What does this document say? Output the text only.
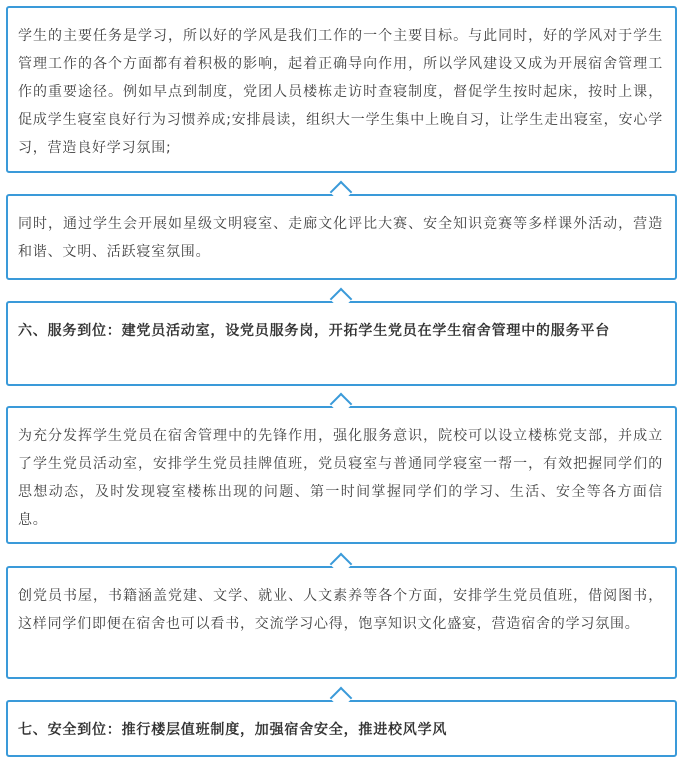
学生的主要任务是学习，所以好的学风是我们工作的一个主要目标。与此同时，好的学风对于学生管理工作的各个方面都有着积极的影响，起着正确导向作用，所以学风建设又成为开展宿舍管理工作的重要途径。例如早点到制度，党团人员楼栋走访时查寝制度，督促学生按时起床，按时上课，促成学生寝室良好行为习惯养成;安排晨读，组织大一学生集中上晚自习，让学生走出寝室，安心学习，营造良好学习氛围;

同时，通过学生会开展如星级文明寝室、走廊文化评比大赛、安全知识竞赛等多样课外活动，营造和谐、文明、活跃寝室氛围。

六、服务到位：建党员活动室，设党员服务岗，开拓学生党员在学生宿舍管理中的服务平台

为充分发挥学生党员在宿舍管理中的先锋作用，强化服务意识，院校可以设立楼栋党支部，并成立了学生党员活动室，安排学生党员挂牌值班，党员寝室与普通同学寝室一帮一，有效把握同学们的思想动态，及时发现寝室楼栋出现的问题、第一时间掌握同学们的学习、生活、安全等各方面信息。

创党员书屋，书籍涵盖党建、文学、就业、人文素养等各个方面，安排学生党员值班，借阅图书，这样同学们即便在宿舍也可以看书，交流学习心得，饱享知识文化盛宴，营造宿舍的学习氛围。

七、安全到位：推行楼层值班制度，加强宿舍安全，推进校风学风
